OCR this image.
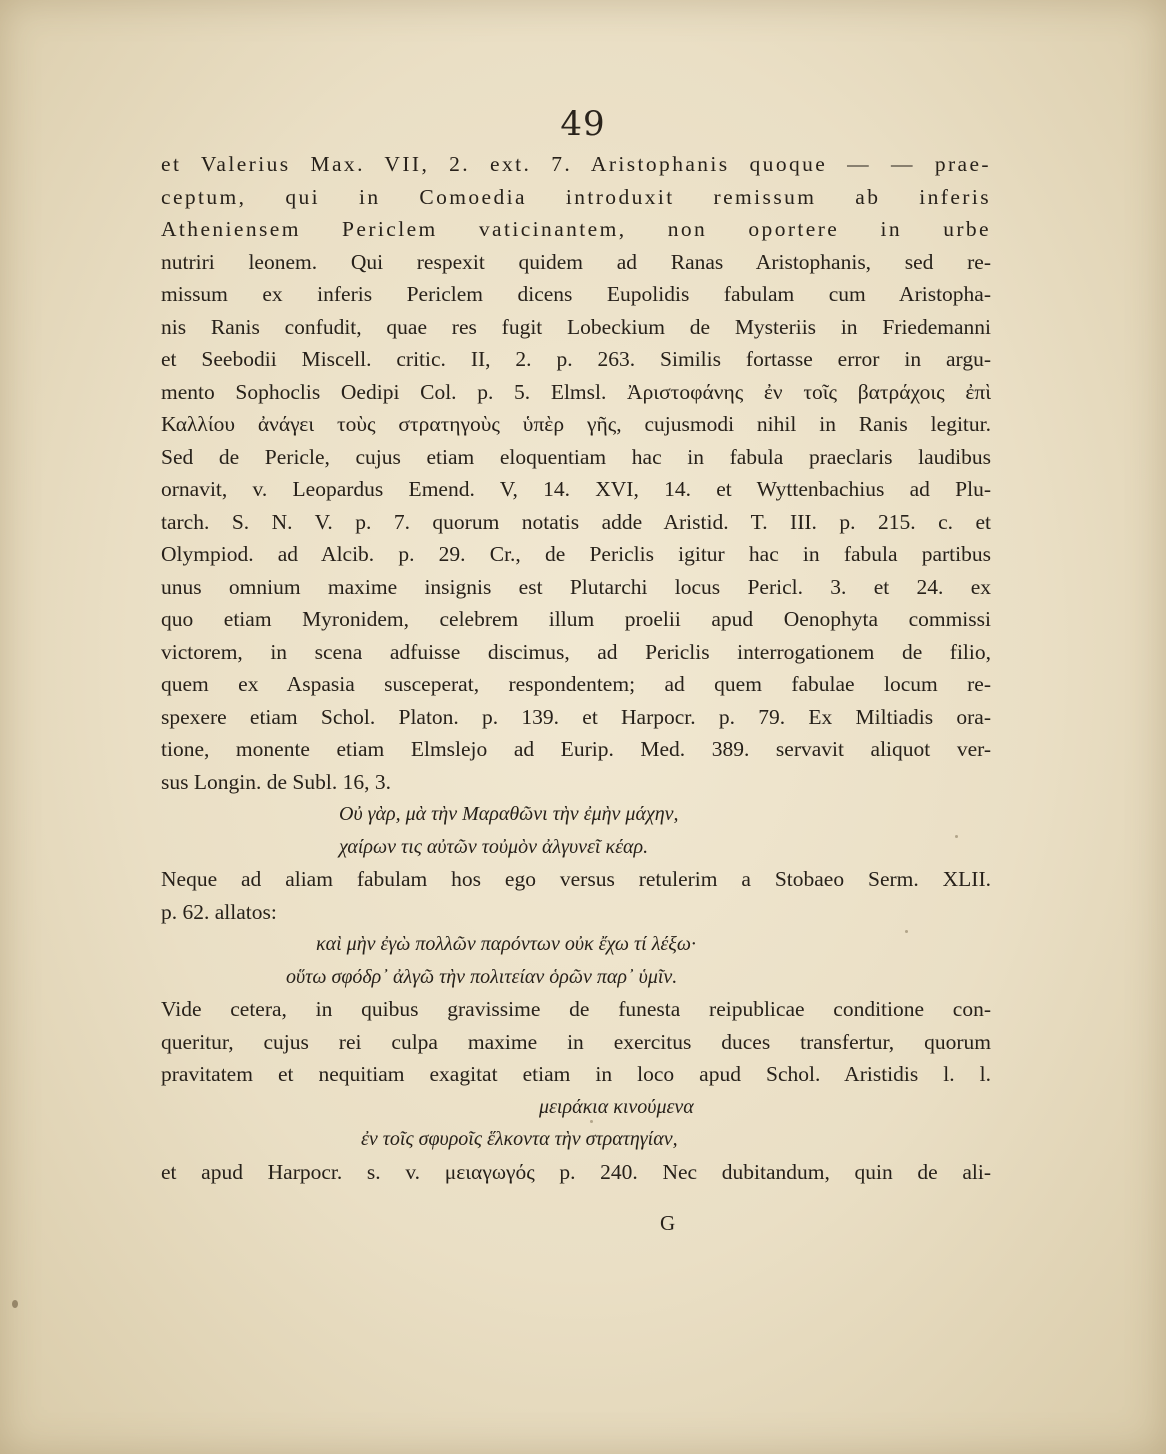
49
et Valerius Max. VII, 2. ext. 7. Aristophanis quoque — — prae-
ceptum, qui in Comoedia introduxit remissum ab inferis
Atheniensem Periclem vaticinantem, non oportere in urbe
nutriri leonem. Qui respexit quidem ad Ranas Aristophanis, sed re-
missum ex inferis Periclem dicens Eupolidis fabulam cum Aristopha-
nis Ranis confudit, quae res fugit Lobeckium de Mysteriis in Friedemanni
et Seebodii Miscell. critic. II, 2. p. 263. Similis fortasse error in argu-
mento Sophoclis Oedipi Col. p. 5. Elmsl. Ἀριστοφάνης ἐν τοῖς βατράχοις ἐπὶ
Καλλίου ἀνάγει τοὺς στρατηγοὺς ὑπὲρ γῆς, cujusmodi nihil in Ranis legitur.
Sed de Pericle, cujus etiam eloquentiam hac in fabula praeclaris laudibus
ornavit, v. Leopardus Emend. V, 14. XVI, 14. et Wyttenbachius ad Plu-
tarch. S. N. V. p. 7. quorum notatis adde Aristid. T. III. p. 215. c. et
Olympiod. ad Alcib. p. 29. Cr., de Periclis igitur hac in fabula partibus
unus omnium maxime insignis est Plutarchi locus Pericl. 3. et 24. ex
quo etiam Myronidem, celebrem illum proelii apud Oenophyta commissi
victorem, in scena adfuisse discimus, ad Periclis interrogationem de filio,
quem ex Aspasia susceperat, respondentem; ad quem fabulae locum re-
spexere etiam Schol. Platon. p. 139. et Harpocr. p. 79. Ex Miltiadis ora-
tione, monente etiam Elmslejo ad Eurip. Med. 389. servavit aliquot ver-
sus Longin. de Subl. 16, 3.
Οὐ γὰρ, μὰ τὴν Μαραθῶνι τὴν ἐμὴν μάχην,
χαίρων τις αὐτῶν τοὐμὸν ἀλγυνεῖ κέαρ.
Neque ad aliam fabulam hos ego versus retulerim a Stobaeo Serm. XLII.
p. 62. allatos:
καὶ μὴν ἐγὼ πολλῶν παρόντων οὐκ ἔχω τί λέξω·
οὕτω σφόδρ᾽ ἀλγῶ τὴν πολιτείαν ὁρῶν παρ᾽ ὑμῖν.
Vide cetera, in quibus gravissime de funesta reipublicae conditione con-
queritur, cujus rei culpa maxime in exercitus duces transfertur, quorum
pravitatem et nequitiam exagitat etiam in loco apud Schol. Aristidis l. l.
μειράκια κινούμενα
ἐν τοῖς σφυροῖς ἕλκοντα τὴν στρατηγίαν,
et apud Harpocr. s. v. μειαγωγός p. 240. Nec dubitandum, quin de ali-
G
